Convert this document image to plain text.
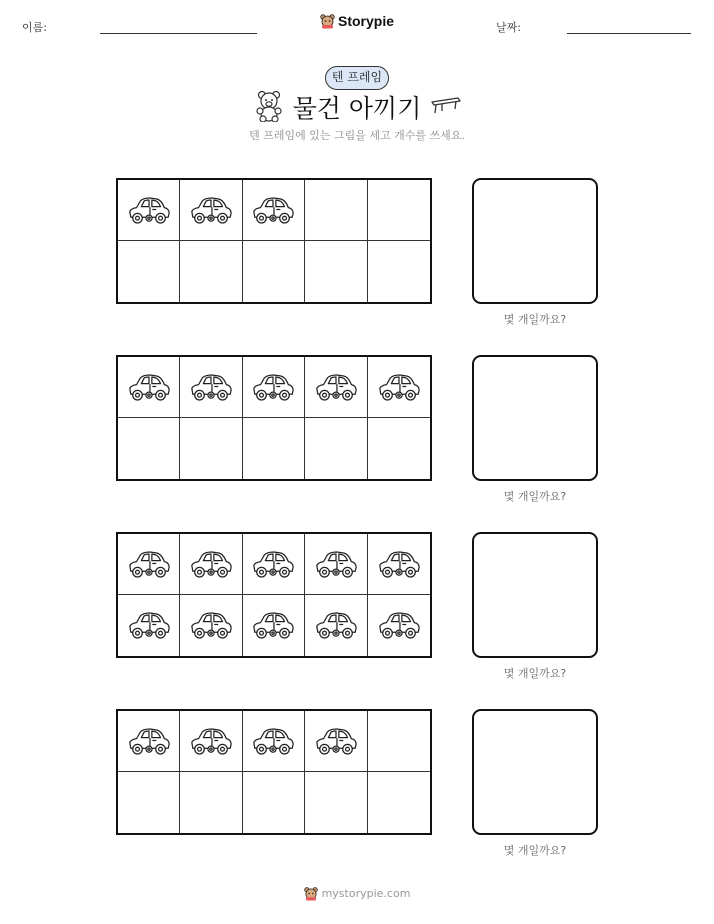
이름:	Storypie	날짜:
텐 프레임
물건 아끼기
텐 프레임에 있는 그림을 세고 개수를 쓰세요.
몇 개일까요?
몇 개일까요?
몇 개일까요?
몇 개일까요?
mystorypie.com
